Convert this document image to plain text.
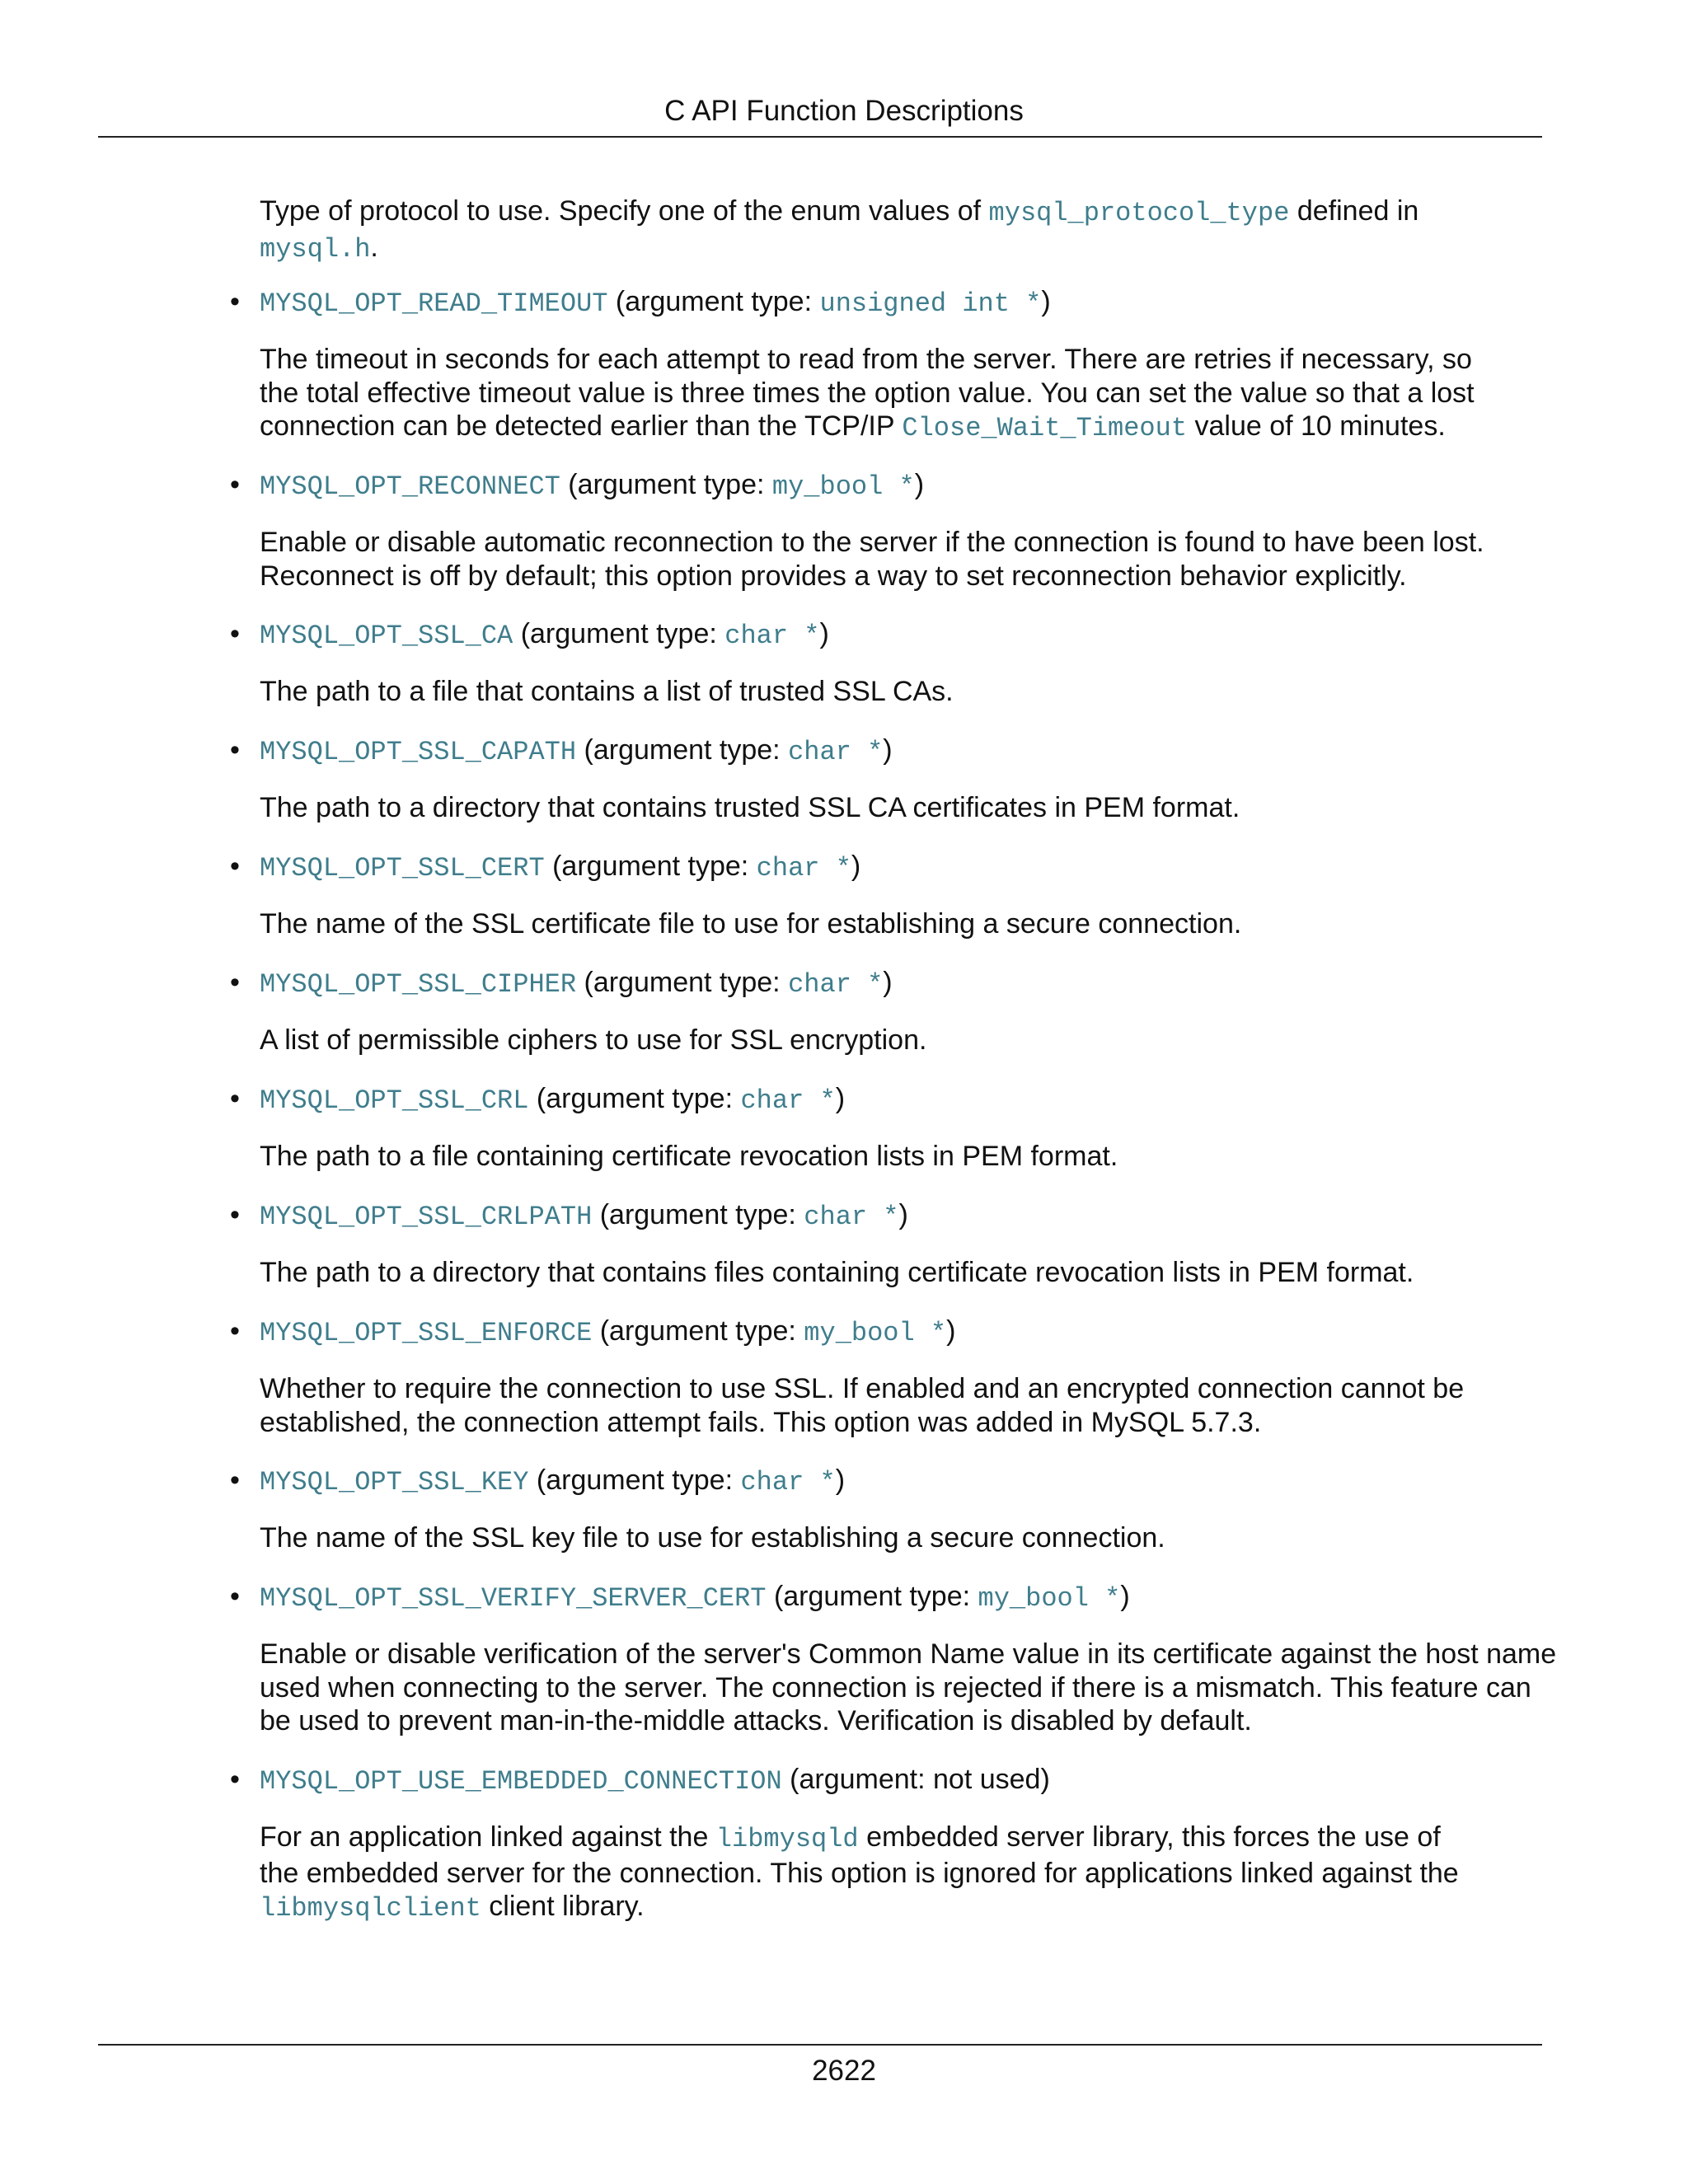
C API Function Descriptions
Type of protocol to use. Specify one of the enum values of mysql_protocol_type defined in
mysql.h.
• MYSQL_OPT_READ_TIMEOUT (argument type: unsigned int *)
The timeout in seconds for each attempt to read from the server. There are retries if necessary, so
the total effective timeout value is three times the option value. You can set the value so that a lost
connection can be detected earlier than the TCP/IP Close_Wait_Timeout value of 10 minutes.
• MYSQL_OPT_RECONNECT (argument type: my_bool *)
Enable or disable automatic reconnection to the server if the connection is found to have been lost.
Reconnect is off by default; this option provides a way to set reconnection behavior explicitly.
• MYSQL_OPT_SSL_CA (argument type: char *)
The path to a file that contains a list of trusted SSL CAs.
• MYSQL_OPT_SSL_CAPATH (argument type: char *)
The path to a directory that contains trusted SSL CA certificates in PEM format.
• MYSQL_OPT_SSL_CERT (argument type: char *)
The name of the SSL certificate file to use for establishing a secure connection.
• MYSQL_OPT_SSL_CIPHER (argument type: char *)
A list of permissible ciphers to use for SSL encryption.
• MYSQL_OPT_SSL_CRL (argument type: char *)
The path to a file containing certificate revocation lists in PEM format.
• MYSQL_OPT_SSL_CRLPATH (argument type: char *)
The path to a directory that contains files containing certificate revocation lists in PEM format.
• MYSQL_OPT_SSL_ENFORCE (argument type: my_bool *)
Whether to require the connection to use SSL. If enabled and an encrypted connection cannot be
established, the connection attempt fails. This option was added in MySQL 5.7.3.
• MYSQL_OPT_SSL_KEY (argument type: char *)
The name of the SSL key file to use for establishing a secure connection.
• MYSQL_OPT_SSL_VERIFY_SERVER_CERT (argument type: my_bool *)
Enable or disable verification of the server's Common Name value in its certificate against the host name
used when connecting to the server. The connection is rejected if there is a mismatch. This feature can
be used to prevent man-in-the-middle attacks. Verification is disabled by default.
• MYSQL_OPT_USE_EMBEDDED_CONNECTION (argument: not used)
For an application linked against the libmysqld embedded server library, this forces the use of
the embedded server for the connection. This option is ignored for applications linked against the
libmysqlclient client library.
2622
